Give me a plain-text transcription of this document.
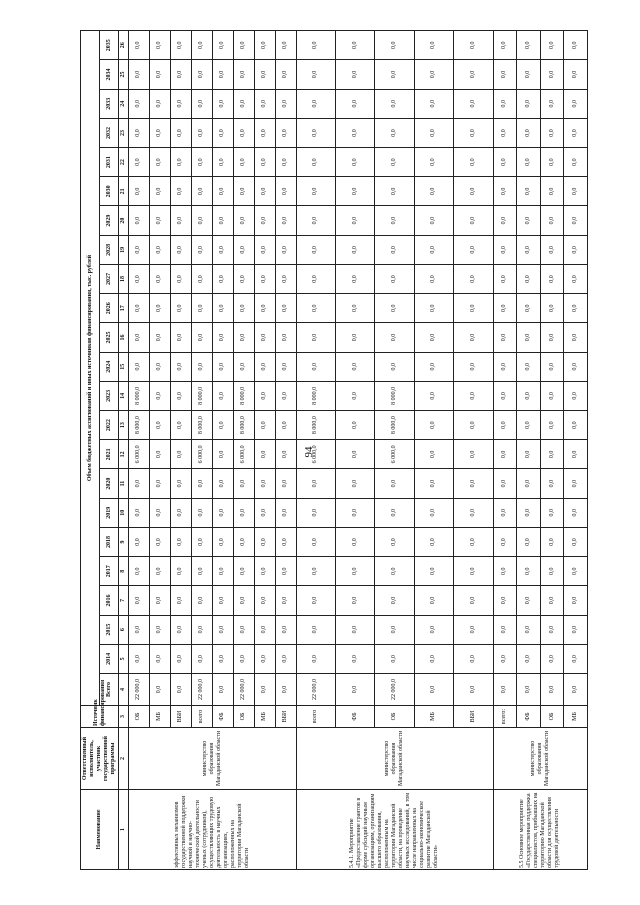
94
Наименование	Ответственный исполнитель, участник государственной программы	Источник финансирования	Объем бюджетных ассигнований и иных источников финансирования, тыс. рублей																						
			Всего	2014	2015	2016	2017	2018	2019	2020	2021	2022	2023	2024	2025	2026	2027	2028	2029	2030	2031	2032	2033	2034	2035
1	2	3	4	5	6	7	8	9	10	11	12	13	14	15	16	17	18	19	20	21	22	23	24	25	26
эффективных механизмов государственной поддержки научной и научно-технической деятельности ученых (сотрудников), осуществляющих трудовую деятельность в научных организациях, расположенных на территории Магаданской области	министерство образования Магаданской области	ОБ	22 000,0	0,0	0,0	0,0	0,0	0,0	0,0	0,0	6 000,0	8 000,0	8 000,0	0,0	0,0	0,0	0,0	0,0	0,0	0,0	0,0	0,0	0,0	0,0	0,0
		МБ	0,0	0,0	0,0	0,0	0,0	0,0	0,0	0,0	0,0	0,0	0,0	0,0	0,0	0,0	0,0	0,0	0,0	0,0	0,0	0,0	0,0	0,0	0,0
		ВБИ	0,0	0,0	0,0	0,0	0,0	0,0	0,0	0,0	0,0	0,0	0,0	0,0	0,0	0,0	0,0	0,0	0,0	0,0	0,0	0,0	0,0	0,0	0,0
		всего	22 000,0	0,0	0,0	0,0	0,0	0,0	0,0	0,0	6 000,0	8 000,0	8 000,0	0,0	0,0	0,0	0,0	0,0	0,0	0,0	0,0	0,0	0,0	0,0	0,0
		ФБ	0,0	0,0	0,0	0,0	0,0	0,0	0,0	0,0	0,0	0,0	0,0	0,0	0,0	0,0	0,0	0,0	0,0	0,0	0,0	0,0	0,0	0,0	0,0
		ОБ	22 000,0	0,0	0,0	0,0	0,0	0,0	0,0	0,0	6 000,0	8 000,0	8 000,0	0,0	0,0	0,0	0,0	0,0	0,0	0,0	0,0	0,0	0,0	0,0	0,0
		МБ	0,0	0,0	0,0	0,0	0,0	0,0	0,0	0,0	0,0	0,0	0,0	0,0	0,0	0,0	0,0	0,0	0,0	0,0	0,0	0,0	0,0	0,0	0,0
		ВБИ	0,0	0,0	0,0	0,0	0,0	0,0	0,0	0,0	0,0	0,0	0,0	0,0	0,0	0,0	0,0	0,0	0,0	0,0	0,0	0,0	0,0	0,0	0,0
5.4.1. Мероприятие «Предоставление грантов в форме субсидий научным организациям, организациям высшего образования, расположенным на территории Магаданской области, на проведение научных исследований, в том числе направленных на социально-экономическое развитие Магаданской области»	министерство образования Магаданской области	всего	22 000,0	0,0	0,0	0,0	0,0	0,0	0,0	0,0	6 000,0	8 000,0	8 000,0	0,0	0,0	0,0	0,0	0,0	0,0	0,0	0,0	0,0	0,0	0,0	0,0
		ФБ	0,0	0,0	0,0	0,0	0,0	0,0	0,0	0,0	0,0	0,0	0,0	0,0	0,0	0,0	0,0	0,0	0,0	0,0	0,0	0,0	0,0	0,0	0,0
		ОБ	22 000,0	0,0	0,0	0,0	0,0	0,0	0,0	0,0	6 000,0	8 000,0	8 000,0	0,0	0,0	0,0	0,0	0,0	0,0	0,0	0,0	0,0	0,0	0,0	0,0
		МБ	0,0	0,0	0,0	0,0	0,0	0,0	0,0	0,0	0,0	0,0	0,0	0,0	0,0	0,0	0,0	0,0	0,0	0,0	0,0	0,0	0,0	0,0	0,0
		ВБИ	0,0	0,0	0,0	0,0	0,0	0,0	0,0	0,0	0,0	0,0	0,0	0,0	0,0	0,0	0,0	0,0	0,0	0,0	0,0	0,0	0,0	0,0	0,0
5.5 Основное мероприятие «Государственная поддержка специалистов, прибывших на территорию Магаданской области для осуществления трудовой деятельности	министерство образования Магаданской области	всего:	0,0	0,0	0,0	0,0	0,0	0,0	0,0	0,0	0,0	0,0	0,0	0,0	0,0	0,0	0,0	0,0	0,0	0,0	0,0	0,0	0,0	0,0	0,0
		ФБ	0,0	0,0	0,0	0,0	0,0	0,0	0,0	0,0	0,0	0,0	0,0	0,0	0,0	0,0	0,0	0,0	0,0	0,0	0,0	0,0	0,0	0,0	0,0
		ОБ	0,0	0,0	0,0	0,0	0,0	0,0	0,0	0,0	0,0	0,0	0,0	0,0	0,0	0,0	0,0	0,0	0,0	0,0	0,0	0,0	0,0	0,0	0,0
		МБ	0,0	0,0	0,0	0,0	0,0	0,0	0,0	0,0	0,0	0,0	0,0	0,0	0,0	0,0	0,0	0,0	0,0	0,0	0,0	0,0	0,0	0,0	0,0
